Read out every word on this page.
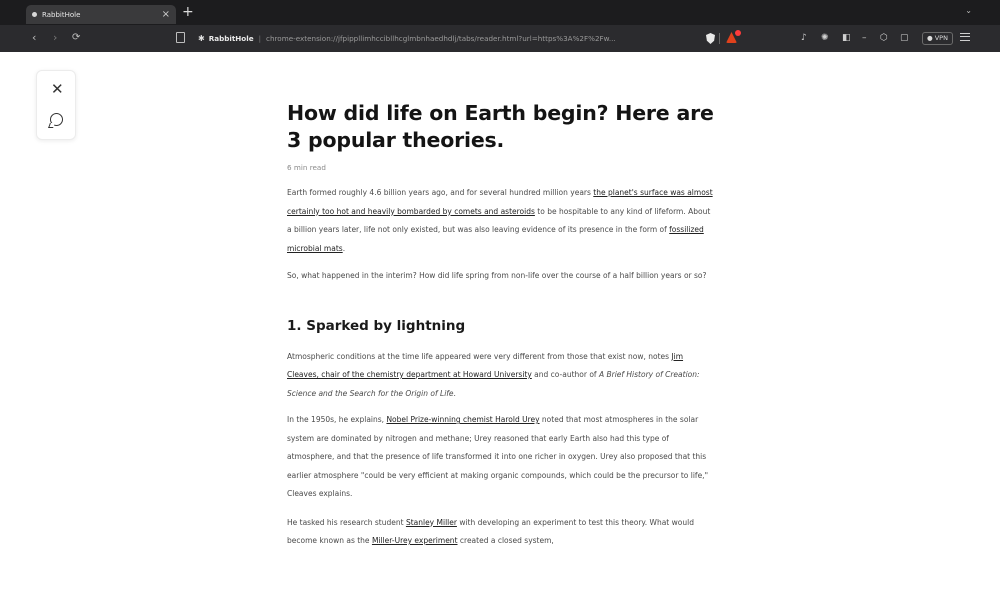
RabbitHole	× +	⌄
‹ › ⟳	✱ RabbitHole | chrome-extension://jfpippllimhccibllhcglmbnhaedhdlj/tabs/reader.html?url=https%3A%2F%2Fw...	♪ ✺ ◧ – ⬡ ▢	● VPN
✕
How did life on Earth begin? Here are 3 popular theories.
6 min read

Earth formed roughly 4.6 billion years ago, and for several hundred million years the planet's surface was almost certainly too hot and heavily bombarded by comets and asteroids to be hospitable to any kind of lifeform. About a billion years later, life not only existed, but was also leaving evidence of its presence in the form of fossilized microbial mats.

So, what happened in the interim? How did life spring from non-life over the course of a half billion years or so?

1. Sparked by lightning

Atmospheric conditions at the time life appeared were very different from those that exist now, notes Jim Cleaves, chair of the chemistry department at Howard University and co-author of A Brief History of Creation: Science and the Search for the Origin of Life.

In the 1950s, he explains, Nobel Prize-winning chemist Harold Urey noted that most atmospheres in the solar system are dominated by nitrogen and methane; Urey reasoned that early Earth also had this type of atmosphere, and that the presence of life transformed it into one richer in oxygen. Urey also proposed that this earlier atmosphere "could be very efficient at making organic compounds, which could be the precursor to life," Cleaves explains.

He tasked his research student Stanley Miller with developing an experiment to test this theory. What would become known as the Miller-Urey experiment created a closed system,
